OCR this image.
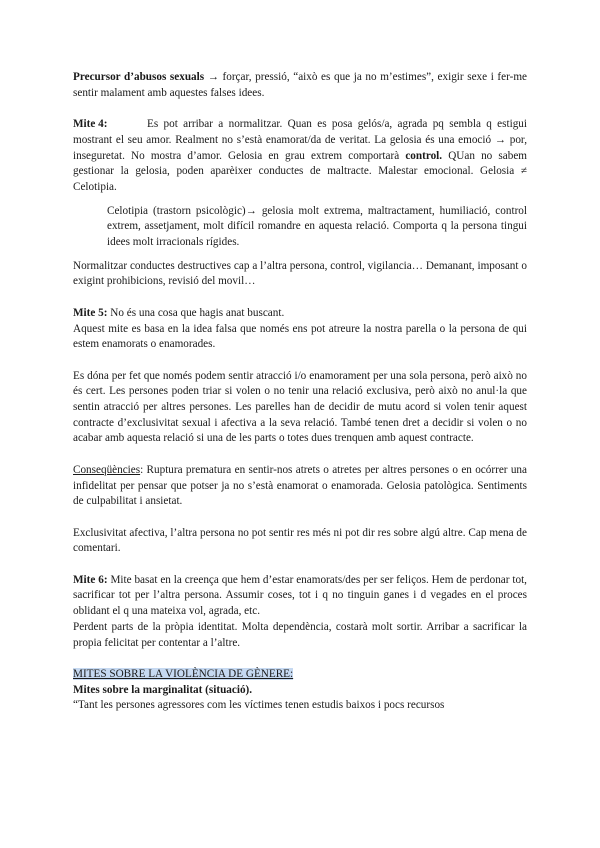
Precursor d’abusos sexuals → forçar, pressió, “això es que ja no m’estimes”, exigir sexe i fer-me sentir malament amb aquestes falses idees.

Mite 4:	Es pot arribar a normalitzar. Quan es posa gelós/a, agrada pq sembla q estigui mostrant el seu amor. Realment no s’està enamorat/da de veritat. La gelosia és una emoció → por, inseguretat. No mostra d’amor. Gelosia en grau extrem comportarà control. QUan no sabem gestionar la gelosia, poden aparèixer conductes de maltracte. Malestar emocional. Gelosia ≠ Celotipia.

Celotipia (trastorn psicològic)→ gelosia molt extrema, maltractament, humiliació, control extrem, assetjament, molt difícil romandre en aquesta relació. Comporta q la persona tingui idees molt irracionals rígides.

Normalitzar conductes destructives cap a l’altra persona, control, vigilancia… Demanant, imposant o exigint prohibicions, revisió del movil…

Mite 5: No és una cosa que hagis anat buscant.

Aquest mite es basa en la idea falsa que només ens pot atreure la nostra parella o la persona de qui estem enamorats o enamorades.

Es dóna per fet que només podem sentir atracció i/o enamorament per una sola persona, però això no és cert. Les persones poden triar si volen o no tenir una relació exclusiva, però això no anul·la que sentin atracció per altres persones. Les parelles han de decidir de mutu acord si volen tenir aquest contracte d’exclusivitat sexual i afectiva a la seva relació. També tenen dret a decidir si volen o no acabar amb aquesta relació si una de les parts o totes dues trenquen amb aquest contracte.

Conseqüències: Ruptura prematura en sentir-nos atrets o atretes per altres persones o en ocórrer una infidelitat per pensar que potser ja no s’està enamorat o enamorada. Gelosia patològica. Sentiments de culpabilitat i ansietat.

Exclusivitat afectiva, l’altra persona no pot sentir res més ni pot dir res sobre algú altre. Cap mena de comentari.

Mite 6: Mite basat en la creença que hem d’estar enamorats/des per ser feliços. Hem de perdonar tot, sacrificar tot per l’altra persona. Assumir coses, tot i q no tinguin ganes i d vegades en el proces oblidant el q una mateixa vol, agrada, etc.

Perdent parts de la pròpia identitat. Molta dependència, costarà molt sortir. Arribar a sacrificar la propia felicitat per contentar a l’altre.

MITES SOBRE LA VIOLÈNCIA DE GÈNERE:

Mites sobre la marginalitat (situació).

“Tant les persones agressores com les víctimes tenen estudis baixos i pocs recursos
